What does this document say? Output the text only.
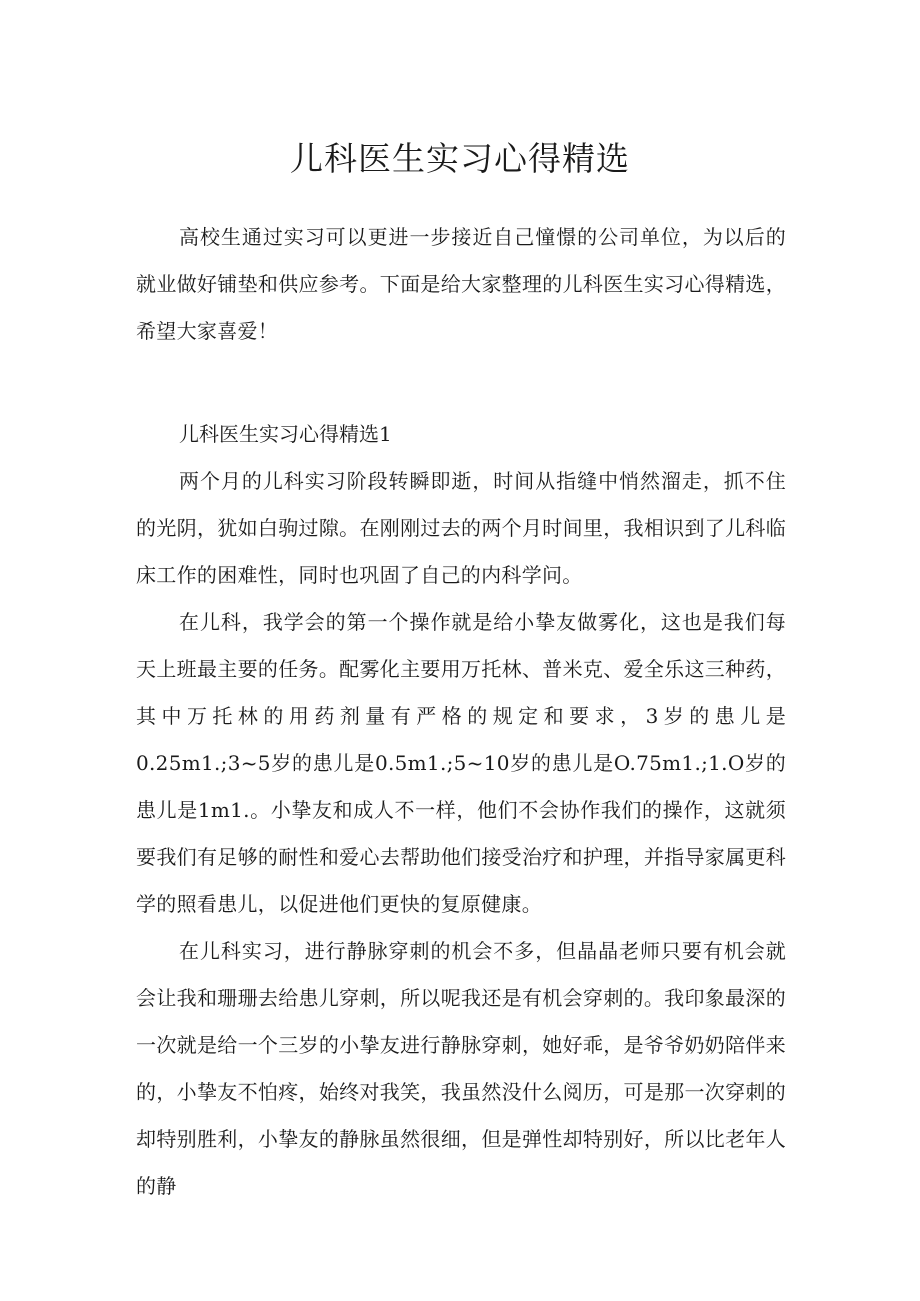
儿科医生实习心得精选

高校生通过实习可以更进一步接近自己憧憬的公司单位，为以后的就业做好铺垫和供应参考。下面是给大家整理的儿科医生实习心得精选，希望大家喜爱！

儿科医生实习心得精选1

两个月的儿科实习阶段转瞬即逝，时间从指缝中悄然溜走，抓不住的光阴，犹如白驹过隙。在刚刚过去的两个月时间里，我相识到了儿科临床工作的困难性，同时也巩固了自己的内科学问。

在儿科，我学会的第一个操作就是给小挚友做雾化，这也是我们每天上班最主要的任务。配雾化主要用万托林、普米克、爱全乐这三种药，其中万托林的用药剂量有严格的规定和要求，3岁的患儿是0.25m1.;3~5岁的患儿是0.5m1.;5~10岁的患儿是O.75m1.;1.O岁的患儿是1m1.。小挚友和成人不一样，他们不会协作我们的操作，这就须要我们有足够的耐性和爱心去帮助他们接受治疗和护理，并指导家属更科学的照看患儿，以促进他们更快的复原健康。

在儿科实习，进行静脉穿刺的机会不多，但晶晶老师只要有机会就会让我和珊珊去给患儿穿刺，所以呢我还是有机会穿刺的。我印象最深的一次就是给一个三岁的小挚友进行静脉穿刺，她好乖，是爷爷奶奶陪伴来的，小挚友不怕疼，始终对我笑，我虽然没什么阅历，可是那一次穿刺的却特别胜利，小挚友的静脉虽然很细，但是弹性却特别好，所以比老年人的静
